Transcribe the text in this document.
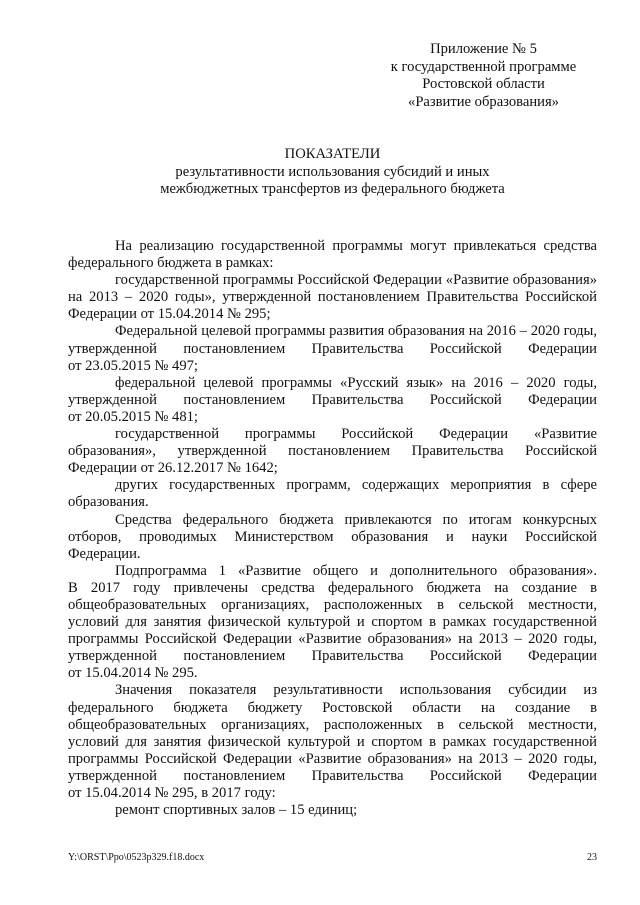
Приложение № 5
к государственной программе
Ростовской области
«Развитие образования»
ПОКАЗАТЕЛИ
результативности использования субсидий и иных
межбюджетных трансфертов из федерального бюджета
На реализацию государственной программы могут привлекаться средства
федерального бюджета в рамках:
государственной программы Российской Федерации «Развитие образования»
на 2013 – 2020 годы», утвержденной постановлением Правительства Российской
Федерации от 15.04.2014 № 295;
Федеральной целевой программы развития образования на 2016 – 2020 годы,
утвержденной постановлением Правительства Российской Федерации
от 23.05.2015 № 497;
федеральной целевой программы «Русский язык» на 2016 – 2020 годы,
утвержденной постановлением Правительства Российской Федерации
от 20.05.2015 № 481;
государственной программы Российской Федерации «Развитие
образования», утвержденной постановлением Правительства Российской
Федерации от 26.12.2017 № 1642;
других государственных программ, содержащих мероприятия в сфере
образования.
Средства федерального бюджета привлекаются по итогам конкурсных
отборов, проводимых Министерством образования и науки Российской
Федерации.
Подпрограмма 1 «Развитие общего и дополнительного образования».
В 2017 году привлечены средства федерального бюджета на создание в
общеобразовательных организациях, расположенных в сельской местности,
условий для занятия физической культурой и спортом в рамках государственной
программы Российской Федерации «Развитие образования» на 2013 – 2020 годы,
утвержденной постановлением Правительства Российской Федерации
от 15.04.2014 № 295.
Значения показателя результативности использования субсидии из
федерального бюджета бюджету Ростовской области на создание в
общеобразовательных организациях, расположенных в сельской местности,
условий для занятия физической культурой и спортом в рамках государственной
программы Российской Федерации «Развитие образования» на 2013 – 2020 годы,
утвержденной постановлением Правительства Российской Федерации
от 15.04.2014 № 295, в 2017 году:
ремонт спортивных залов – 15 единиц;
Y:\ORST\Ppo\0523p329.f18.docx	23
